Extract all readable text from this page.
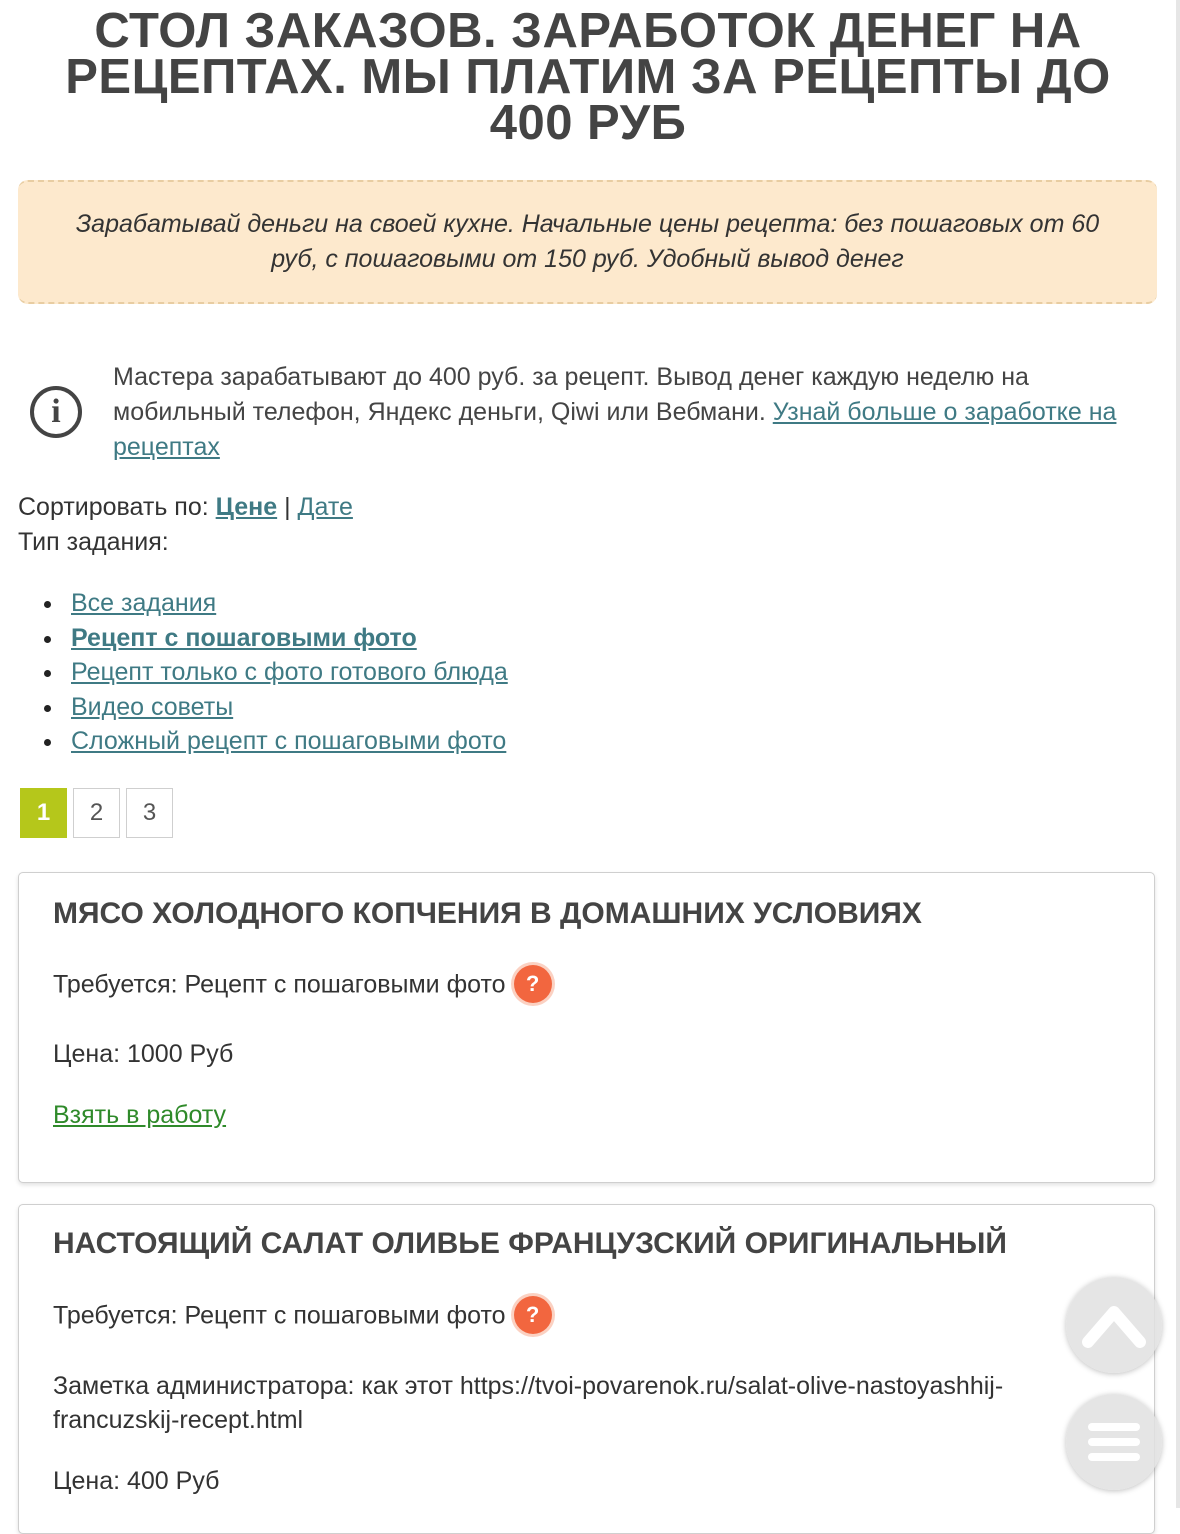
СТОЛ ЗАКАЗОВ. ЗАРАБОТОК ДЕНЕГ НА РЕЦЕПТАХ. МЫ ПЛАТИМ ЗА РЕЦЕПТЫ ДО 400 РУБ
Зарабатывай деньги на своей кухне. Начальные цены рецепта: без пошаговых от 60 руб, с пошаговыми от 150 руб. Удобный вывод денег
i
Мастера зарабатывают до 400 руб. за рецепт. Вывод денег каждую неделю на мобильный телефон, Яндекс деньги, Qiwi или Вебмани. Узнай больше о заработке на рецептах
Сортировать по: Цене | Дате
Тип задания:
Все задания
Рецепт с пошаговыми фото
Рецепт только с фото готового блюда
Видео советы
Сложный рецепт с пошаговыми фото
1	2	3
МЯСО ХОЛОДНОГО КОПЧЕНИЯ В ДОМАШНИХ УСЛОВИЯХ
Требуется: Рецепт с пошаговыми фото ?
Цена: 1000 Руб
Взять в работу
НАСТОЯЩИЙ САЛАТ ОЛИВЬЕ ФРАНЦУЗСКИЙ ОРИГИНАЛЬНЫЙ
Требуется: Рецепт с пошаговыми фото ?
Заметка администратора: как этот https://tvoi-povarenok.ru/salat-olive-nastoyashhij-francuzskij-recept.html
Цена: 400 Руб
